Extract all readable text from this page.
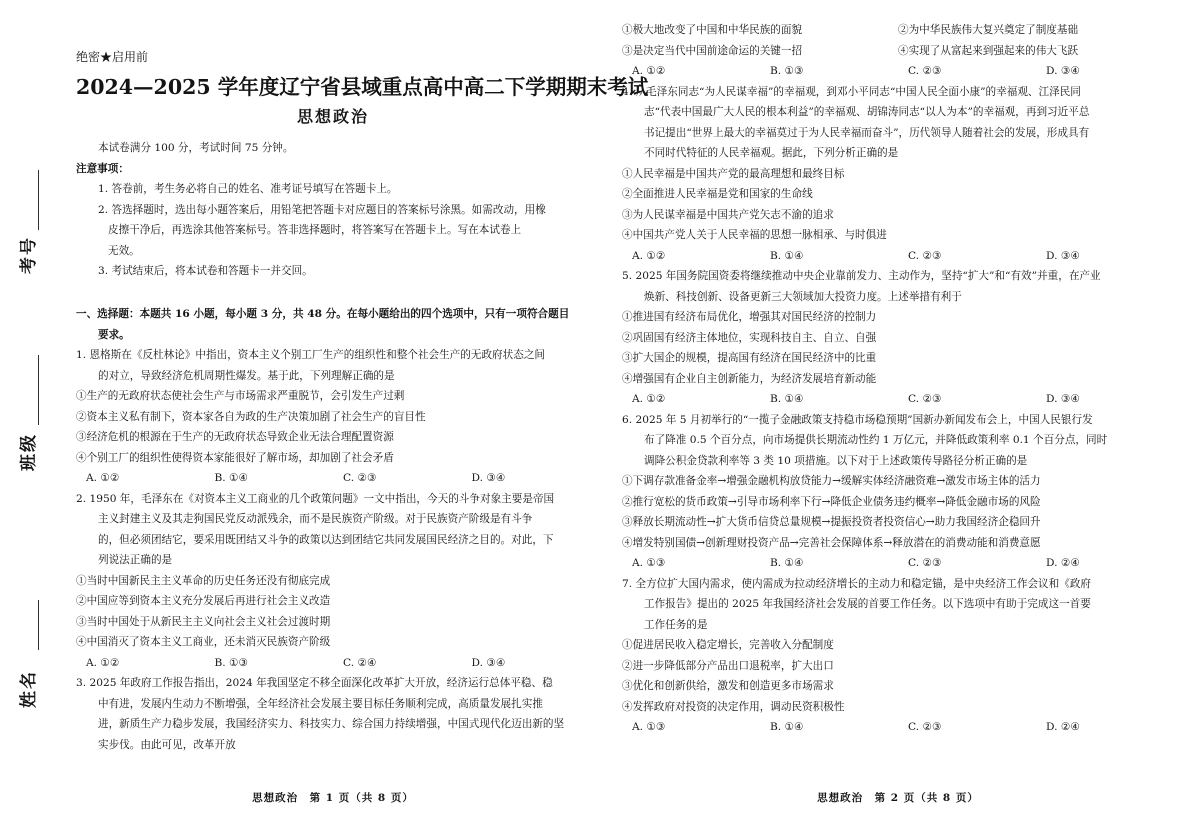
考号
班级
姓名
绝密★启用前
2024—2025 学年度辽宁省县域重点高中高二下学期期末考试
思想政治
本试卷满分 100 分，考试时间 75 分钟。
注意事项：
1. 答卷前，考生务必将自己的姓名、准考证号填写在答题卡上。
2. 答选择题时，选出每小题答案后，用铅笔把答题卡对应题目的答案标号涂黑。如需改动，用橡
皮擦干净后，再选涂其他答案标号。答非选择题时，将答案写在答题卡上。写在本试卷上
无效。
3. 考试结束后，将本试卷和答题卡一并交回。
一、选择题：本题共 16 小题，每小题 3 分，共 48 分。在每小题给出的四个选项中，只有一项符合题目
要求。
1. 恩格斯在《反杜林论》中指出，资本主义个别工厂生产的组织性和整个社会生产的无政府状态之间
的对立，导致经济危机周期性爆发。基于此，下列理解正确的是
①生产的无政府状态使社会生产与市场需求严重脱节，会引发生产过剩
②资本主义私有制下，资本家各自为政的生产决策加剧了社会生产的盲目性
③经济危机的根源在于生产的无政府状态导致企业无法合理配置资源
④个别工厂的组织性使得资本家能很好了解市场，却加剧了社会矛盾
A. ①②	B. ①④	C. ②③	D. ③④
2. 1950 年，毛泽东在《对资本主义工商业的几个政策问题》一文中指出，今天的斗争对象主要是帝国
主义封建主义及其走狗国民党反动派残余，而不是民族资产阶级。对于民族资产阶级是有斗争
的，但必须团结它，要采用既团结又斗争的政策以达到团结它共同发展国民经济之目的。对此，下
列说法正确的是
①当时中国新民主主义革命的历史任务还没有彻底完成
②中国应等到资本主义充分发展后再进行社会主义改造
③当时中国处于从新民主主义向社会主义社会过渡时期
④中国消灭了资本主义工商业，还未消灭民族资产阶级
A. ①②	B. ①③	C. ②④	D. ③④
3. 2025 年政府工作报告指出，2024 年我国坚定不移全面深化改革扩大开放，经济运行总体平稳、稳
中有进，发展内生动力不断增强，全年经济社会发展主要目标任务顺利完成，高质量发展扎实推
进，新质生产力稳步发展，我国经济实力、科技实力、综合国力持续增强，中国式现代化迈出新的坚
实步伐。由此可见，改革开放
思想政治　第 1 页（共 8 页）
①极大地改变了中国和中华民族的面貌	②为中华民族伟大复兴奠定了制度基础
③是决定当代中国前途命运的关键一招	④实现了从富起来到强起来的伟大飞跃
A. ①②	B. ①③	C. ②③	D. ③④
4. 从毛泽东同志“为人民谋幸福”的幸福观，到邓小平同志“中国人民全面小康”的幸福观、江泽民同
志“代表中国最广大人民的根本利益”的幸福观、胡锦涛同志“以人为本”的幸福观，再到习近平总
书记提出“世界上最大的幸福莫过于为人民幸福而奋斗”，历代领导人随着社会的发展，形成具有
不同时代特征的人民幸福观。据此，下列分析正确的是
①人民幸福是中国共产党的最高理想和最终目标
②全面推进人民幸福是党和国家的生命线
③为人民谋幸福是中国共产党矢志不渝的追求
④中国共产党人关于人民幸福的思想一脉相承、与时俱进
A. ①②	B. ①④	C. ②③	D. ③④
5. 2025 年国务院国资委将继续推动中央企业靠前发力、主动作为，坚持“扩大”和“有效”并重，在产业
焕新、科技创新、设备更新三大领域加大投资力度。上述举措有利于
①推进国有经济布局优化，增强其对国民经济的控制力
②巩固国有经济主体地位，实现科技自主、自立、自强
③扩大国企的规模，提高国有经济在国民经济中的比重
④增强国有企业自主创新能力，为经济发展培育新动能
A. ①②	B. ①④	C. ②③	D. ③④
6. 2025 年 5 月初举行的“一揽子金融政策支持稳市场稳预期”国新办新闻发布会上，中国人民银行发
布了降准 0.5 个百分点，向市场提供长期流动性约 1 万亿元，并降低政策利率 0.1 个百分点，同时
调降公积金贷款利率等 3 类 10 项措施。以下对于上述政策传导路径分析正确的是
①下调存款准备金率→增强金融机构放贷能力→缓解实体经济融资难→激发市场主体的活力
②推行宽松的货币政策→引导市场利率下行→降低企业债务违约概率→降低金融市场的风险
③释放长期流动性→扩大货币信贷总量规模→提振投资者投资信心→助力我国经济企稳回升
④增发特别国债→创新理财投资产品→完善社会保障体系→释放潜在的消费动能和消费意愿
A. ①③	B. ①④	C. ②③	D. ②④
7. 全方位扩大国内需求，使内需成为拉动经济增长的主动力和稳定锚，是中央经济工作会议和《政府
工作报告》提出的 2025 年我国经济社会发展的首要工作任务。以下选项中有助于完成这一首要
工作任务的是
①促进居民收入稳定增长，完善收入分配制度
②进一步降低部分产品出口退税率，扩大出口
③优化和创新供给，激发和创造更多市场需求
④发挥政府对投资的决定作用，调动民资积极性
A. ①③	B. ①④	C. ②③	D. ②④
思想政治　第 2 页（共 8 页）
